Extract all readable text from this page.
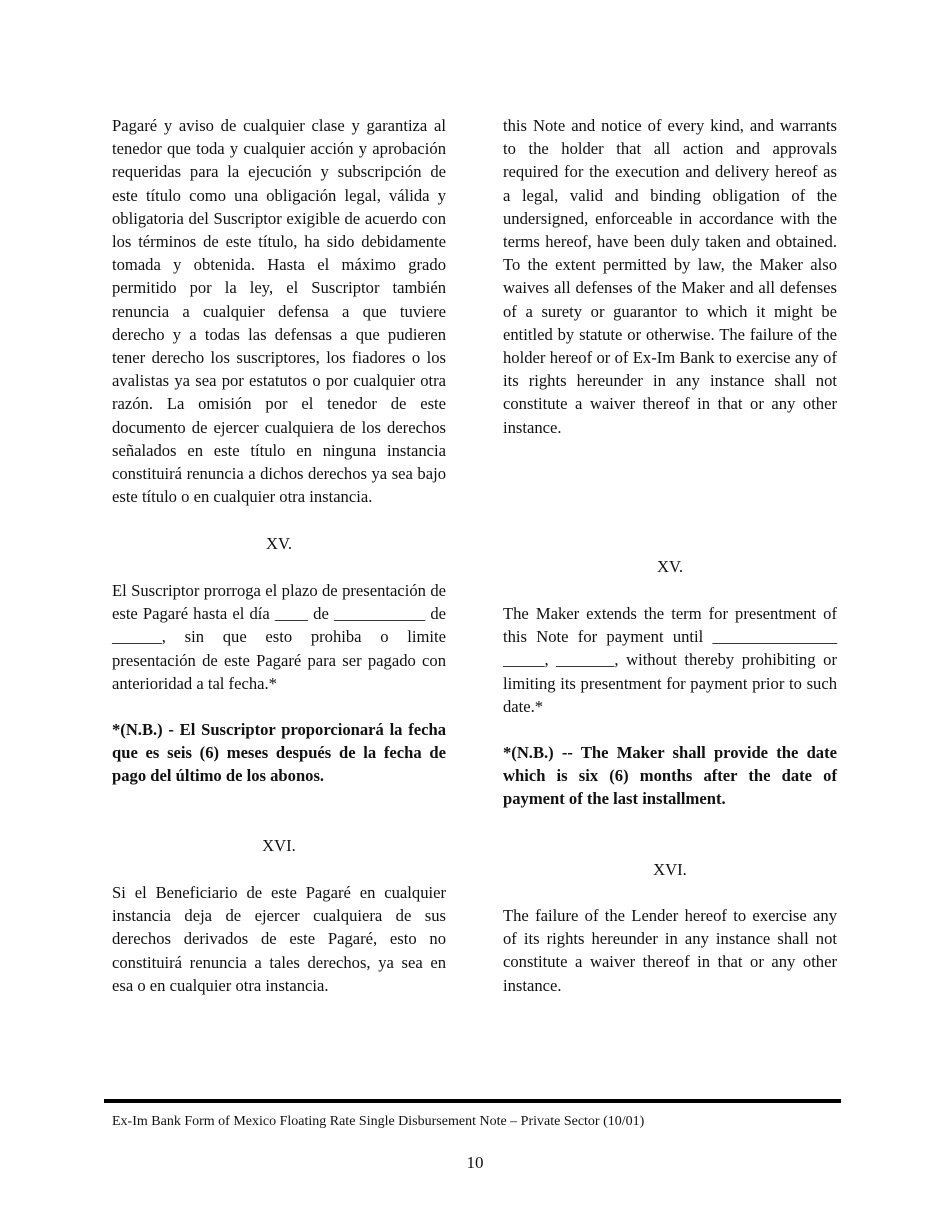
Pagaré y aviso de cualquier clase y garantiza al tenedor que toda y cualquier acción y aprobación requeridas para la ejecución y subscripción de este título como una obligación legal, válida y obligatoria del Suscriptor exigible de acuerdo con los términos de este título, ha sido debidamente tomada y obtenida. Hasta el máximo grado permitido por la ley, el Suscriptor también renuncia a cualquier defensa a que tuviere derecho y a todas las defensas a que pudieren tener derecho los suscriptores, los fiadores o los avalistas ya sea por estatutos o por cualquier otra razón. La omisión por el tenedor de este documento de ejercer cualquiera de los derechos señalados en este título en ninguna instancia constituirá renuncia a dichos derechos ya sea bajo este título o en cualquier otra instancia.

XV.

El Suscriptor prorroga el plazo de presentación de este Pagaré hasta el día ____ de ___________ de ______, sin que esto prohiba o limite presentación de este Pagaré para ser pagado con anterioridad a tal fecha.*

*(N.B.) - El Suscriptor proporcionará la fecha que es seis (6) meses después de la fecha de pago del último de los abonos.

XVI.

Si el Beneficiario de este Pagaré en cualquier instancia deja de ejercer cualquiera de sus derechos derivados de este Pagaré, esto no constituirá renuncia a tales derechos, ya sea en esa o en cualquier otra instancia.

this Note and notice of every kind, and warrants to the holder that all action and approvals required for the execution and delivery hereof as a legal, valid and binding obligation of the undersigned, enforceable in accordance with the terms hereof, have been duly taken and obtained. To the extent permitted by law, the Maker also waives all defenses of the Maker and all defenses of a surety or guarantor to which it might be entitled by statute or otherwise. The failure of the holder hereof or of Ex-Im Bank to exercise any of its rights hereunder in any instance shall not constitute a waiver thereof in that or any other instance.

XV.

The Maker extends the term for presentment of this Note for payment until _______________ _____, _______, without thereby prohibiting or limiting its presentment for payment prior to such date.*

*(N.B.) -- The Maker shall provide the date which is six (6) months after the date of payment of the last installment.

XVI.

The failure of the Lender hereof to exercise any of its rights hereunder in any instance shall not constitute a waiver thereof in that or any other instance.

Ex-Im Bank Form of Mexico Floating Rate Single Disbursement Note – Private Sector (10/01)
10
